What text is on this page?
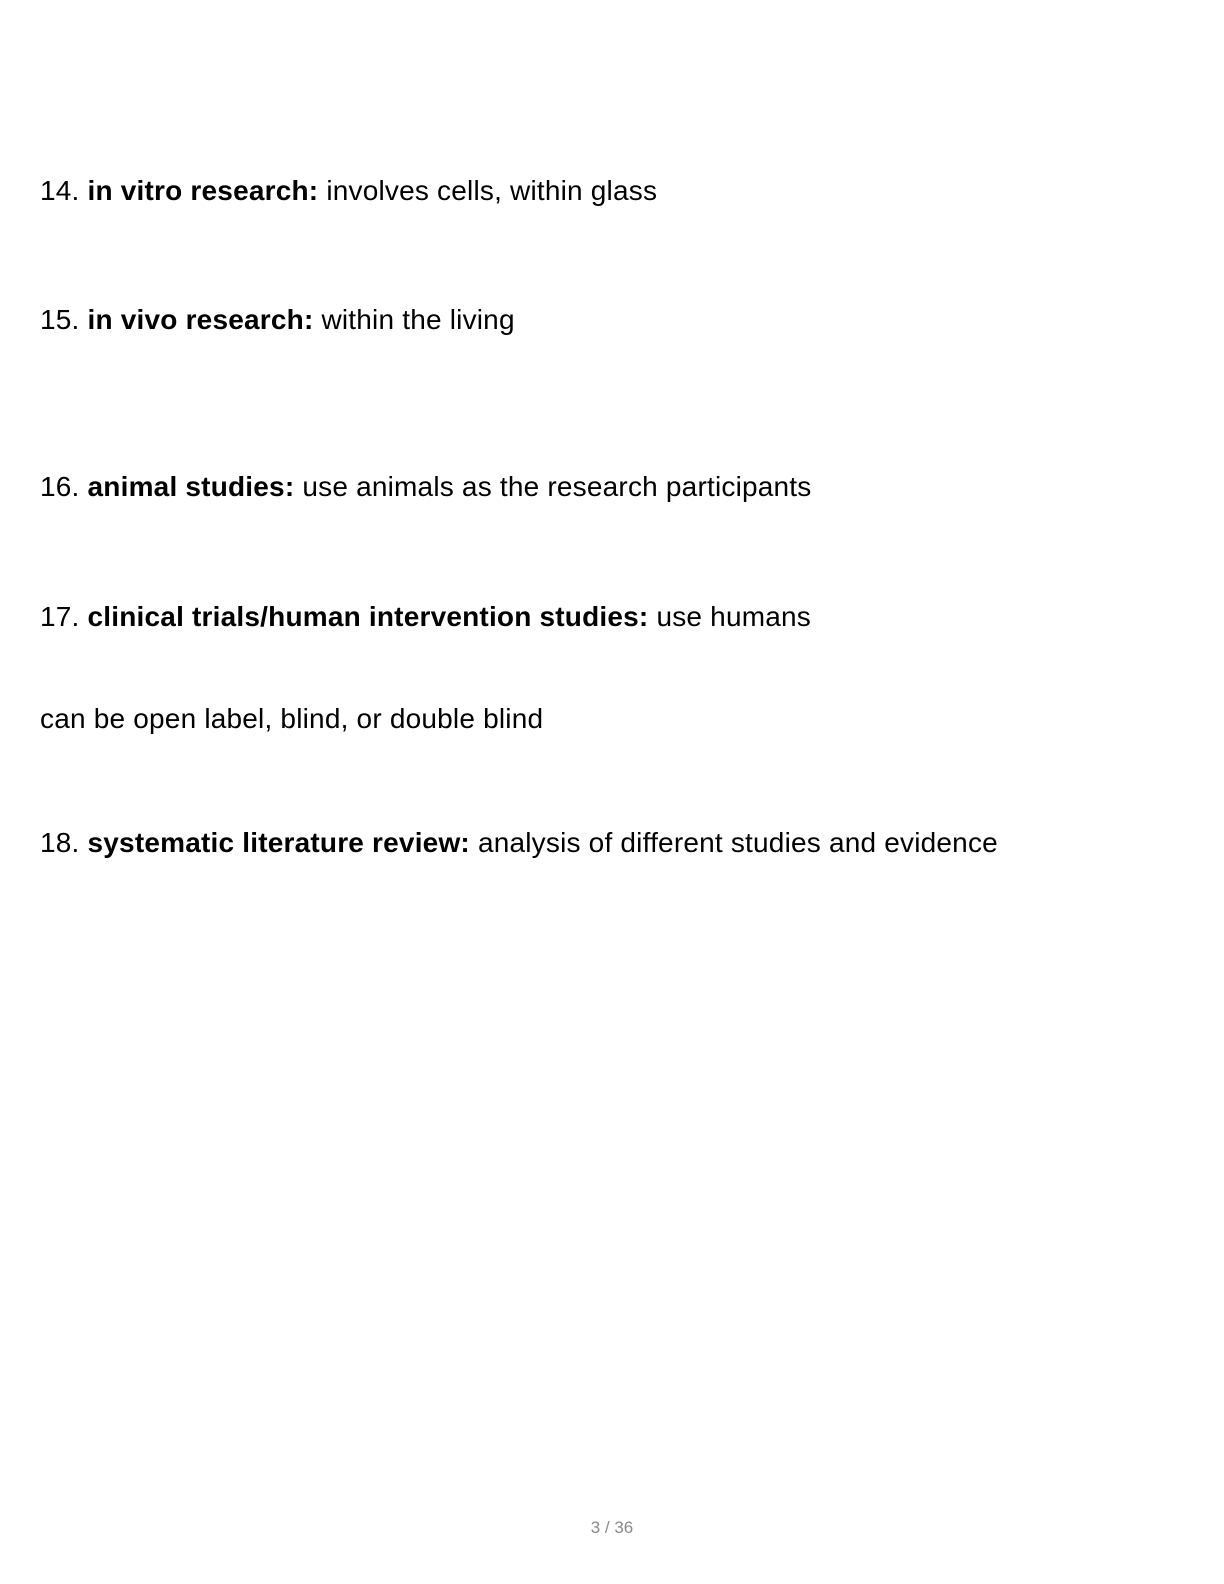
14. in vitro research: involves cells, within glass
15. in vivo research: within the living
16. animal studies: use animals as the research participants
17. clinical trials/human intervention studies: use humans
can be open label, blind, or double blind
18. systematic literature review: analysis of different studies and evidence
3 / 36
